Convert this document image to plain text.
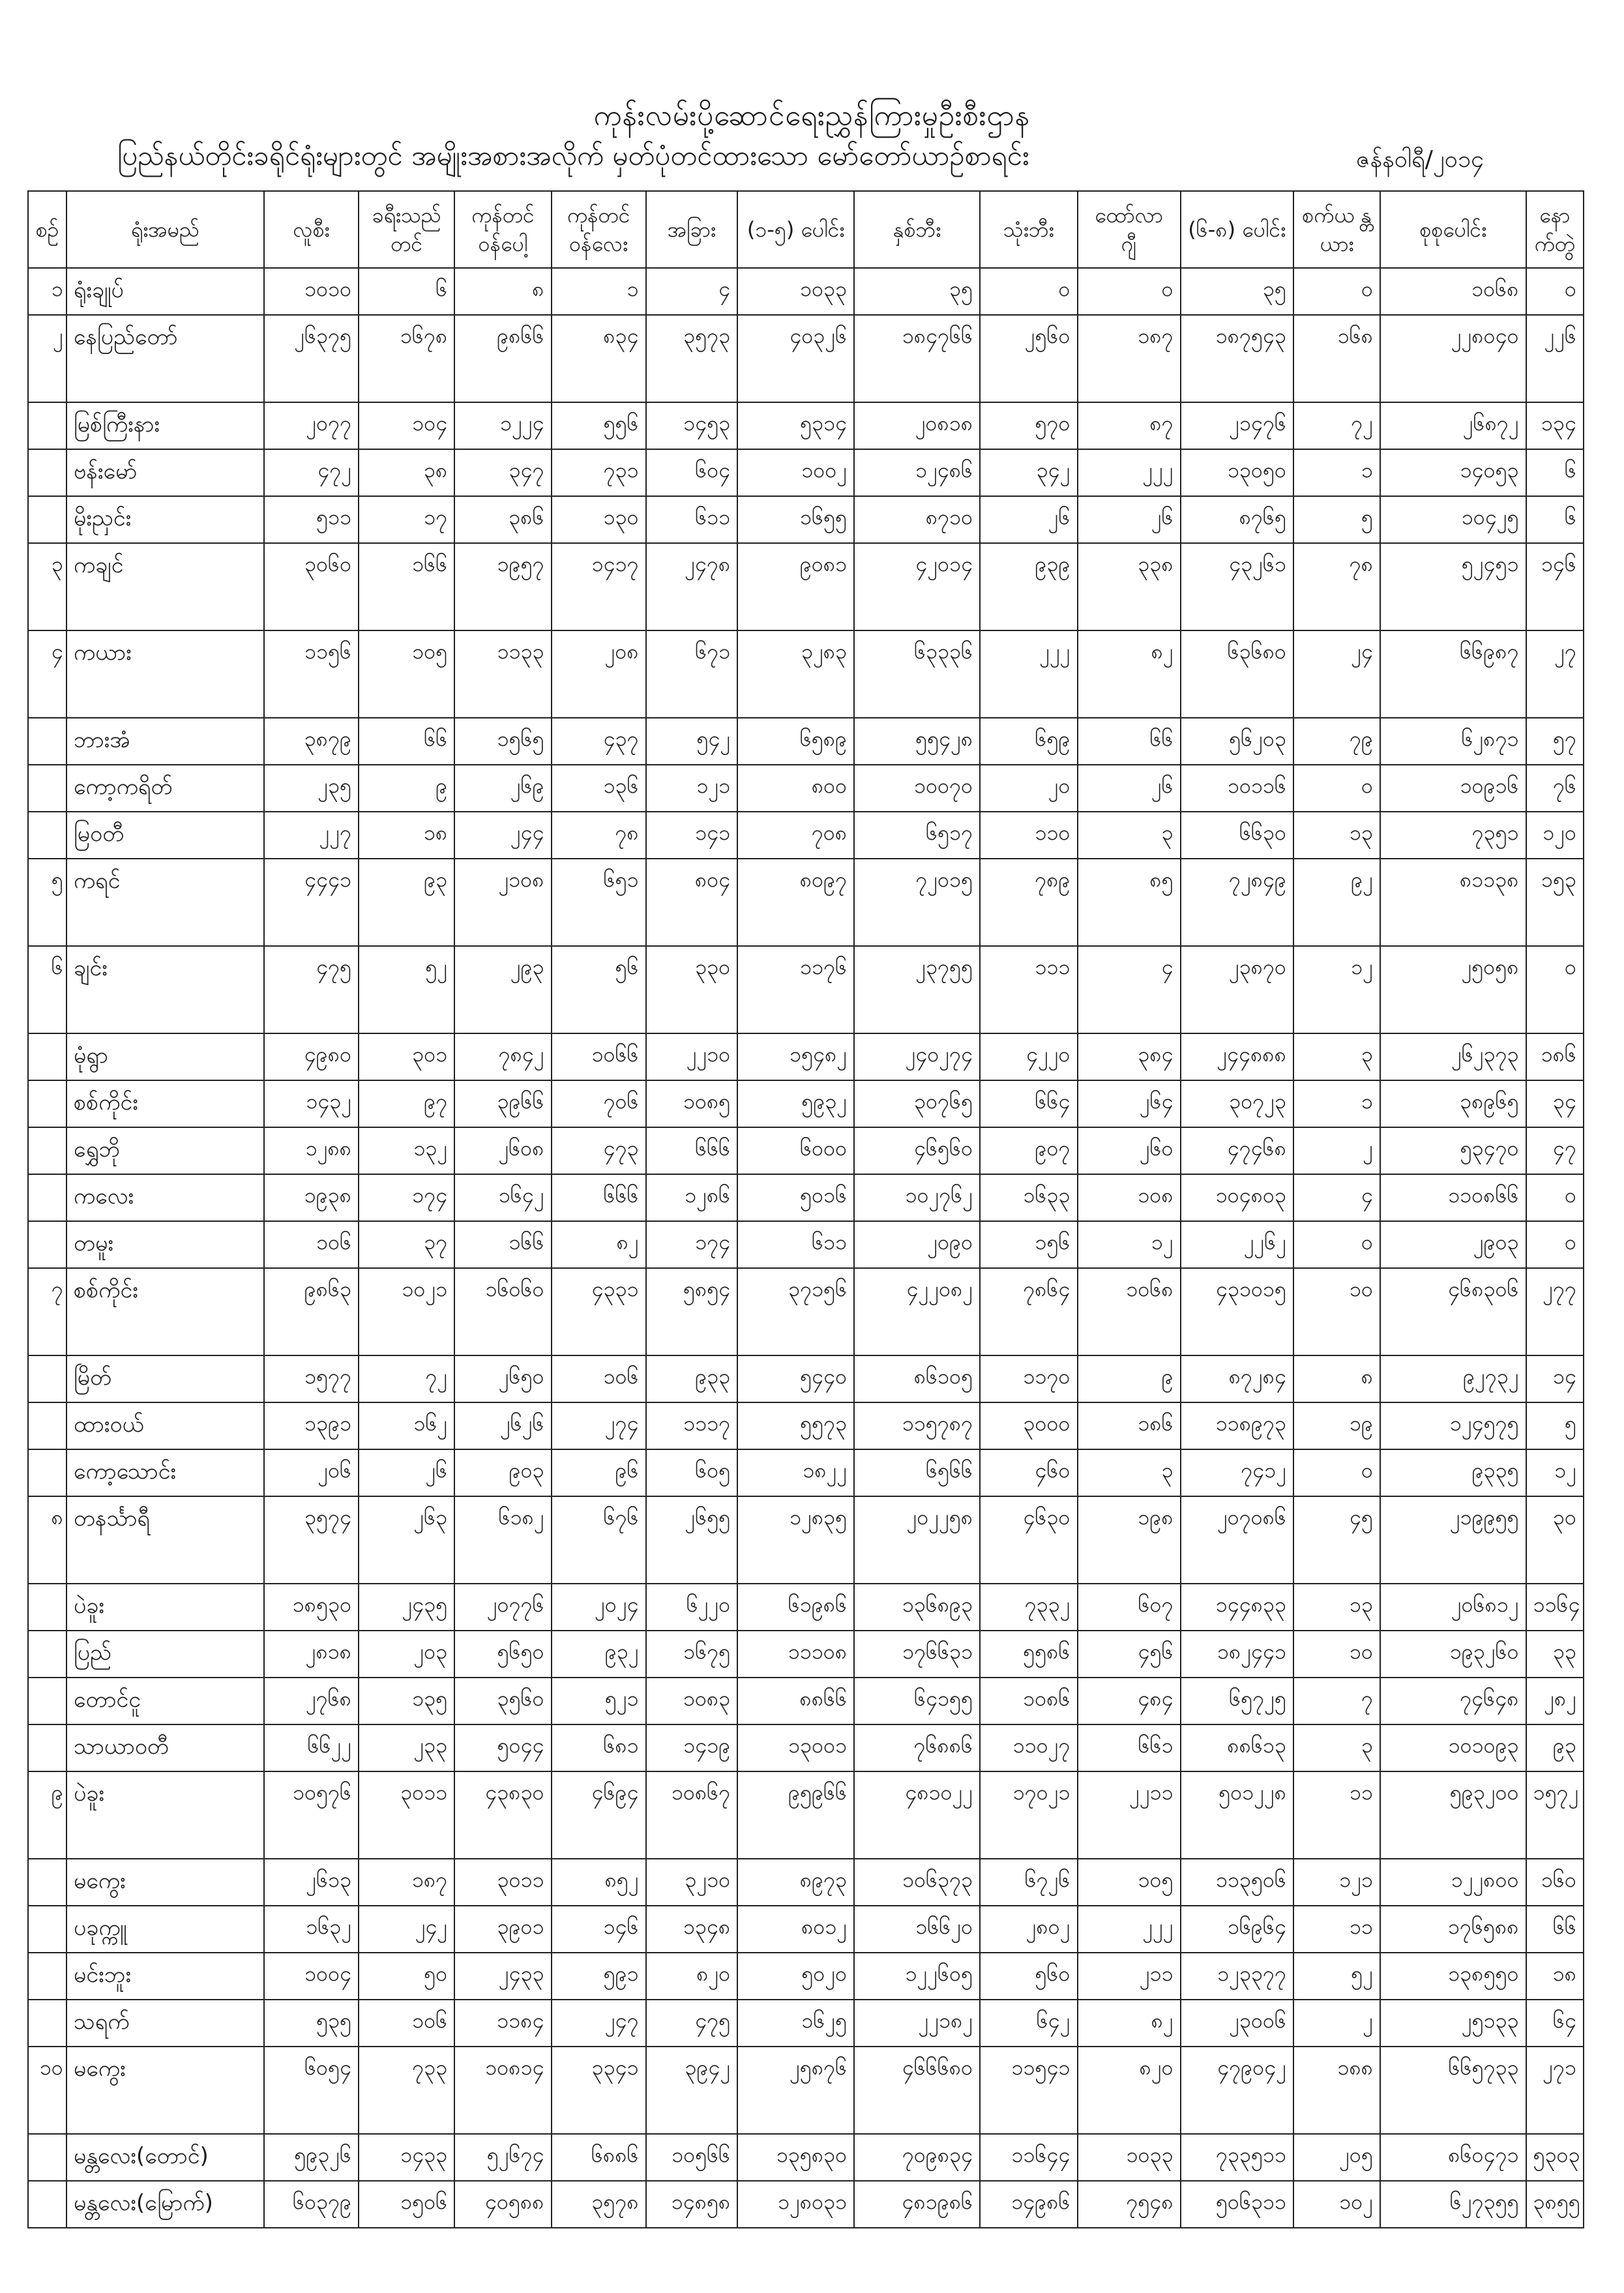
ကုန်းလမ်းပို့ဆောင်ရေးညွှန်ကြားမှုဦးစီးဌာန
ပြည်နယ်တိုင်းခရိုင်ရုံးများတွင် အမျိုးအစားအလိုက် မှတ်ပုံတင်ထားသော မော်တော်ယာဉ်စာရင်း	ဇန်နဝါရီ/၂၀၁၄
စဉ်	ရုံးအမည်	လူစီး	ခရီးသည် တင်	ကုန်တင် ဝန်ပေါ့	ကုန်တင် ဝန်လေး	အခြား	(၁-၅) ပေါင်း	နှစ်ဘီး	သုံးဘီး	ထော်လာ ဂျီ	(၆-၈) ပေါင်း	စက်ယ န္တယား	စုစုပေါင်း	နော က်တွဲ
၁	ရုံးချုပ်	၁၀၁၀	၆	၈	၁	၄	၁၀၃၃	၃၅	၀	၀	၃၅	၀	၁၀၆၈	၀
၂	နေပြည်တော်	၂၆၃၇၅	၁၆၇၈	၉၈၆၆	၈၃၄	၃၅၇၃	၄၀၃၂၆	၁၈၄၇၆၆	၂၅၆၀	၁၈၇	၁၈၇၅၄၃	၁၆၈	၂၂၈၀၄၀	၂၂၆
	မြစ်ကြီးနား	၂၀၇၇	၁၀၄	၁၂၂၄	၅၅၆	၁၄၅၃	၅၃၁၄	၂၀၈၁၈	၅၇၀	၈၇	၂၁၄၇၆	၇၂	၂၆၈၇၂	၁၃၄
	ဗန်းမော်	၄၇၂	၃၈	၃၄၇	၇၃၁	၆၀၄	၁၀၀၂	၁၂၄၈၆	၃၄၂	၂၂၂	၁၃၀၅၀	၁	၁၄၀၅၃	၆
	မိုးညှင်း	၅၁၁	၁၇	၃၈၆	၁၃၀	၆၁၁	၁၆၅၅	၈၇၁၀	၂၆	၂၆	၈၇၆၅	၅	၁၀၄၂၅	၆
၃	ကချင်	၃၀၆၀	၁၆၆	၁၉၅၇	၁၄၁၇	၂၄၇၈	၉၀၈၁	၄၂၀၁၄	၉၃၉	၃၃၈	၄၃၂၆၁	၇၈	၅၂၄၅၁	၁၄၆
၄	ကယား	၁၁၅၆	၁၀၅	၁၁၃၃	၂၀၈	၆၇၁	၃၂၈၃	၆၃၃၃၆	၂၂၂	၈၂	၆၃၆၈၀	၂၄	၆၆၉၈၇	၂၇
	ဘားအံ	၃၈၇၉	၆၆	၁၅၆၅	၄၃၇	၅၄၂	၆၅၈၉	၅၅၄၂၈	၆၅၉	၆၆	၅၆၂၀၃	၇၉	၆၂၈၇၁	၅၇
	ကော့ကရိတ်	၂၃၅	၉	၂၆၉	၁၃၆	၁၂၁	၈၀၀	၁၀၀၇၀	၂၀	၂၆	၁၀၁၁၆	၀	၁၀၉၁၆	၇၆
	မြဝတီ	၂၂၇	၁၈	၂၄၄	၇၈	၁၄၁	၇၀၈	၆၅၁၇	၁၁၀	၃	၆၆၃၀	၁၃	၇၃၅၁	၁၂၀
၅	ကရင်	၄၄၄၁	၉၃	၂၁၀၈	၆၅၁	၈၀၄	၈၀၉၇	၇၂၀၁၅	၇၈၉	၈၅	၇၂၈၄၉	၉၂	၈၁၁၃၈	၁၅၃
၆	ချင်း	၄၇၅	၅၂	၂၉၃	၅၆	၃၃၀	၁၁၇၆	၂၃၇၅၅	၁၁၁	၄	၂၃၈၇၀	၁၂	၂၅၀၅၈	၀
	မုံရွာ	၄၉၈၀	၃၀၁	၇၈၄၂	၁၀၆၆	၂၂၁၀	၁၅၄၈၂	၂၄၀၂၇၄	၄၂၂၀	၃၈၄	၂၄၄၈၈၈	၃	၂၆၂၃၇၃	၁၈၆
	စစ်ကိုင်း	၁၄၃၂	၉၇	၃၉၆၆	၇၀၆	၁၀၈၅	၅၉၃၂	၃၀၇၆၅	၆၆၄	၂၆၄	၃၀၇၂၃	၁	၃၈၉၆၅	၃၄
	ရွှေဘို	၁၂၈၈	၁၃၂	၂၆၀၈	၄၇၃	၆၆၆	၆၀၀၀	၄၆၅၆၀	၉၀၇	၂၆၀	၄၇၄၆၈	၂	၅၃၄၇၀	၄၇
	ကလေး	၁၉၃၈	၁၇၄	၁၆၄၂	၆၆၆	၁၂၈၆	၅၀၁၆	၁၀၂၇၆၂	၁၆၃၃	၁၀၈	၁၀၄၈၀၃	၄	၁၁၀၈၆၆	၀
	တမူး	၁၀၆	၃၇	၁၆၆	၈၂	၁၇၄	၆၁၁	၂၀၉၀	၁၅၆	၁၂	၂၂၆၂	၀	၂၉၀၃	၀
၇	စစ်ကိုင်း	၉၈၆၃	၁၀၂၁	၁၆၀၆၀	၄၃၃၁	၅၈၅၄	၃၇၁၅၆	၄၂၂၀၈၂	၇၈၆၄	၁၀၆၈	၄၃၁၀၁၅	၁၀	၄၆၈၃၀၆	၂၇၇
	မြိတ်	၁၅၇၇	၇၂	၂၆၅၀	၁၀၆	၉၃၃	၅၄၄၀	၈၆၁၀၅	၁၁၇၀	၉	၈၇၂၈၄	၈	၉၂၇၃၂	၁၄
	ထားဝယ်	၁၃၉၁	၁၆၂	၂၆၂၆	၂၇၄	၁၁၁၇	၅၅၇၃	၁၁၅၇၈၇	၃၀၀၀	၁၈၆	၁၁၈၉၇၃	၁၉	၁၂၄၅၇၅	၅
	ကော့သောင်း	၂၀၆	၂၆	၉၀၃	၉၆	၆၀၅	၁၈၂၂	၆၅၆၆	၄၆၀	၃	၇၄၁၂	၀	၉၃၃၅	၁၂
၈	တနင်္သာရီ	၃၅၇၄	၂၆၃	၆၁၈၂	၆၇၆	၂၆၅၅	၁၂၈၃၅	၂၀၂၂၅၈	၄၆၃၀	၁၉၈	၂၀၇၀၈၆	၄၅	၂၁၉၉၅၅	၃၀
	ပဲခူး	၁၈၅၃၀	၂၄၃၅	၂၀၇၇၆	၂၀၂၄	၆၂၂၀	၆၁၉၈၆	၁၃၆၈၉၃	၇၃၃၂	၆၀၇	၁၄၄၈၃၃	၁၃	၂၀၆၈၁၂	၁၁၆၄
	ပြည်	၂၈၁၈	၂၀၃	၅၆၅၀	၉၃၂	၁၆၇၅	၁၁၁၀၈	၁၇၆၆၃၁	၅၅၈၆	၄၅၆	၁၈၂၄၄၁	၁၀	၁၉၃၂၆၀	၃၃
	တောင်ငူ	၂၇၆၈	၁၃၅	၃၅၆၀	၅၂၁	၁၀၈၃	၈၈၆၆	၆၄၁၅၅	၁၀၈၆	၄၈၄	၆၅၇၂၅	၇	၇၄၆၄၈	၂၈၂
	သာယာဝတီ	၆၆၂၂	၂၃၃	၅၀၄၄	၆၈၁	၁၄၁၉	၁၃၀၀၁	၇၆၈၈၆	၁၁၀၂၇	၆၆၁	၈၈၆၁၃	၃	၁၀၁၀၉၃	၉၃
၉	ပဲခူး	၁၀၅၇၆	၃၀၁၁	၄၃၈၃၀	၄၆၉၄	၁၀၈၆၇	၉၅၉၆၆	၄၈၁၀၂၂	၁၇၀၂၁	၂၂၁၁	၅၀၁၂၂၈	၁၁	၅၉၃၂၀၀	၁၅၇၂
	မကွေး	၂၆၁၃	၁၈၇	၃၀၁၁	၈၅၂	၃၂၁၀	၈၉၇၃	၁၀၆၃၇၃	၆၇၂၆	၁၀၅	၁၁၃၅၀၆	၁၂၁	၁၂၂၈၀၀	၁၆၀
	ပခုက္ကူ	၁၆၃၂	၂၄၂	၃၉၀၁	၁၄၆	၁၃၄၈	၈၀၁၂	၁၆၆၂၀	၂၈၀၂	၂၂၂	၁၆၉၆၄	၁၁	၁၇၆၅၈၈	၆၆
	မင်းဘူး	၁၀၀၄	၅၀	၂၄၃၃	၅၉၁	၈၂၀	၅၀၂၀	၁၂၂၆၀၅	၅၆၀	၂၁၁	၁၂၃၃၇၇	၅၂	၁၃၈၅၅၀	၁၈
	သရက်	၅၃၅	၁၀၆	၁၁၈၄	၂၄၇	၄၇၅	၁၆၂၅	၂၂၁၈၂	၆၄၂	၈၂	၂၃၀၀၆	၂	၂၅၁၃၃	၆၄
၁၀	မကွေး	၆၀၅၄	၇၃၃	၁၀၈၁၄	၃၃၄၁	၃၉၄၂	၂၅၈၇၆	၄၆၆၆၈၀	၁၁၅၄၁	၈၂၀	၄၇၉၀၄၂	၁၈၈	၆၆၅၇၃၃	၂၇၁
	မန္တလေး(တောင်)	၅၉၃၂၆	၁၄၃၃	၅၂၆၇၄	၆၈၈၆	၁၀၅၆၆	၁၃၅၈၃၀	၇၀၉၈၃၄	၁၁၆၄၄	၁၀၃၃	၇၃၃၅၁၁	၂၀၅	၈၆၀၄၇၁	၅၃၀၃
	မန္တလေး(မြောက်)	၆၀၃၇၉	၁၅၀၆	၄၀၅၈၈	၃၅၇၈	၁၄၈၅၈	၁၂၈၀၃၁	၄၈၁၉၈၆	၁၄၉၈၆	၇၅၄၈	၅၀၆၃၁၁	၁၀၂	၆၂၇၃၅၅	၃၈၅၅
